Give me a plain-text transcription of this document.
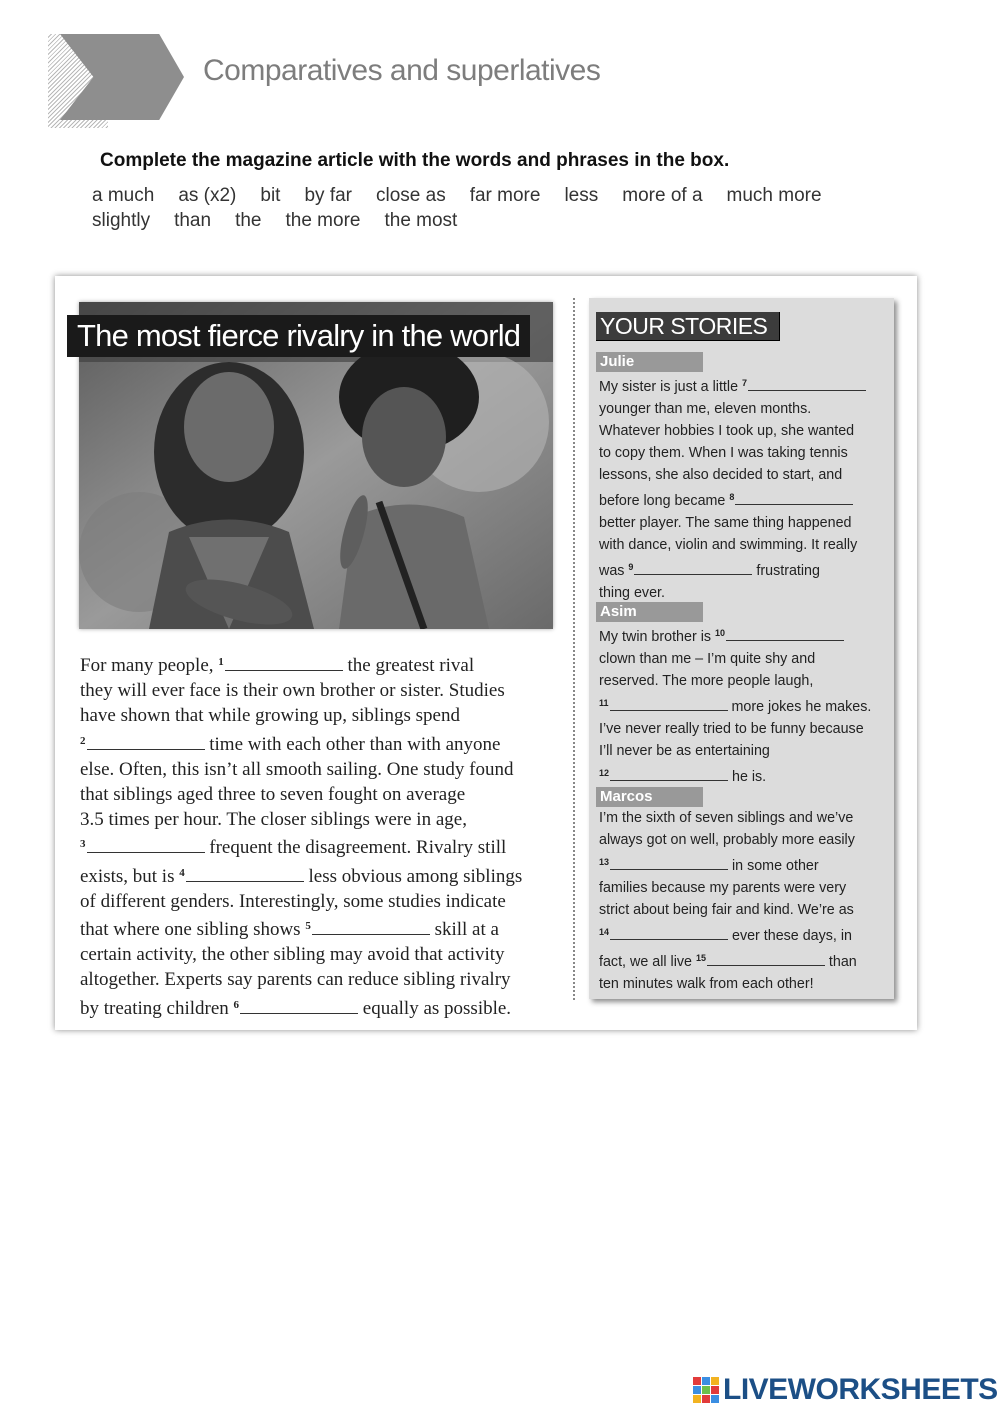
Comparatives and superlatives
Complete the magazine article with the words and phrases in the box.
a much as (x2) bit by far close as far more less more of a much moreslightly than the the more the most
The most fierce rivalry in the world

For many people, $^1$	the greatest rival

they will ever face is their own brother or sister. Studies

have shown that while growing up, siblings spend

$^2$	time with each other than with anyone

else. Often, this isn’t all smooth sailing. One study found

that siblings aged three to seven fought on average

3.5 times per hour. The closer siblings were in age,

$^3$	frequent the disagreement. Rivalry still

exists, but is $^4$	less obvious among siblings

of different genders. Interestingly, some studies indicate

that where one sibling shows $^5$	skill at a

certain activity, the other sibling may avoid that activity

altogether. Experts say parents can reduce sibling rivalry

by treating children $^6$	equally as possible.

YOUR STORIES
Julie

My sister is just a little $^7$

younger than me, eleven months.

Whatever hobbies I took up, she wanted

to copy them. When I was taking tennis

lessons, she also decided to start, and

before long became $^8$

better player. The same thing happened

with dance, violin and swimming. It really

was $^9$	frustrating

thing ever.

Asim

My twin brother is $^{10}$

clown than me – I’m quite shy and

reserved. The more people laugh,

$^{11}$	more jokes he makes.

I’ve never really tried to be funny because

I’ll never be as entertaining

$^{12}$	he is.

Marcos

I’m the sixth of seven siblings and we’ve

always got on well, probably more easily

$^{13}$	in some other

families because my parents were very

strict about being fair and kind. We’re as

$^{14}$	ever these days, in

fact, we all live $^{15}$	than

ten minutes walk from each other!

LIVEWORKSHEETS
